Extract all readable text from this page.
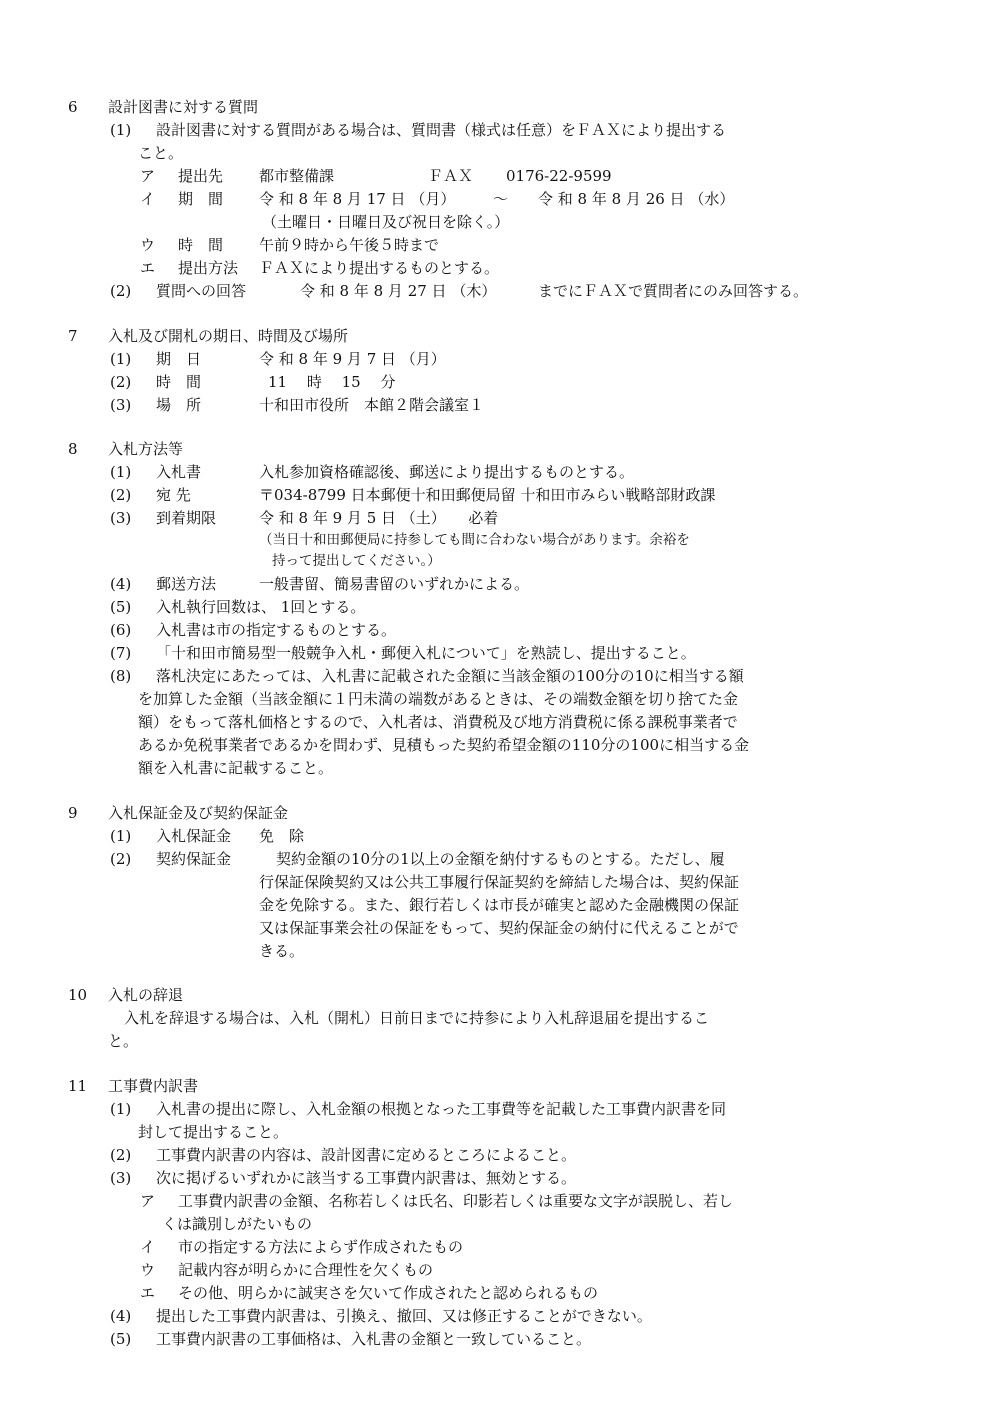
6 設計図書に対する質問
(1) 設計図書に対する質問がある場合は、質問書（様式は任意）をＦＡＸにより提出する
こと。
ア 提出先 都市整備課	ＦＡＸ 0176-22-9599
イ 期　間 令 和 8 年 8 月 17 日 （月）	～ 令 和 8 年 8 月 26 日 （水）
（土曜日・日曜日及び祝日を除く。）
ウ 時　間 午前９時から午後５時まで
エ 提出方法 ＦＡＸにより提出するものとする。
(2) 質問への回答	令 和 8 年 8 月 27 日 （木）	までにＦＡＸで質問者にのみ回答する。
7 入札及び開札の期日、時間及び場所
(1) 期　日	令 和 8 年 9 月 7 日 （月）
(2) 時　間	11　 時　 15　 分
(3) 場　所	十和田市役所　本館２階会議室１
8 入札方法等
(1) 入札書	入札参加資格確認後、郵送により提出するものとする。
(2) 宛 先	〒034-8799 日本郵便十和田郵便局留 十和田市みらい戦略部財政課
(3) 到着期限	令 和 8 年 9 月 5 日 （土）　　必着
（当日十和田郵便局に持参しても間に合わない場合があります。余裕を
持って提出してください。）
(4) 郵送方法	一般書留、簡易書留のいずれかによる。
(5) 入札執行回数は、 1回とする。
(6) 入札書は市の指定するものとする。
(7) 「十和田市簡易型一般競争入札・郵便入札について」を熟読し、提出すること。
(8) 落札決定にあたっては、入札書に記載された金額に当該金額の100分の10に相当する額
を加算した金額（当該金額に１円未満の端数があるときは、その端数金額を切り捨てた金
額）をもって落札価格とするので、入札者は、消費税及び地方消費税に係る課税事業者で
あるか免税事業者であるかを問わず、見積もった契約希望金額の110分の100に相当する金
額を入札書に記載すること。
9 入札保証金及び契約保証金
(1) 入札保証金 免　除
(2) 契約保証金	契約金額の10分の1以上の金額を納付するものとする。ただし、履
行保証保険契約又は公共工事履行保証契約を締結した場合は、契約保証
金を免除する。また、銀行若しくは市長が確実と認めた金融機関の保証
又は保証事業会社の保証をもって、契約保証金の納付に代えることがで
きる。
10 入札の辞退
入札を辞退する場合は、入札（開札）日前日までに持参により入札辞退届を提出するこ
と。
11 工事費内訳書
(1) 入札書の提出に際し、入札金額の根拠となった工事費等を記載した工事費内訳書を同
封して提出すること。
(2) 工事費内訳書の内容は、設計図書に定めるところによること。
(3) 次に掲げるいずれかに該当する工事費内訳書は、無効とする。
ア 工事費内訳書の金額、名称若しくは氏名、印影若しくは重要な文字が誤脱し、若し
くは識別しがたいもの
イ 市の指定する方法によらず作成されたもの
ウ 記載内容が明らかに合理性を欠くもの
エ その他、明らかに誠実さを欠いて作成されたと認められるもの
(4) 提出した工事費内訳書は、引換え、撤回、又は修正することができない。
(5) 工事費内訳書の工事価格は、入札書の金額と一致していること。
